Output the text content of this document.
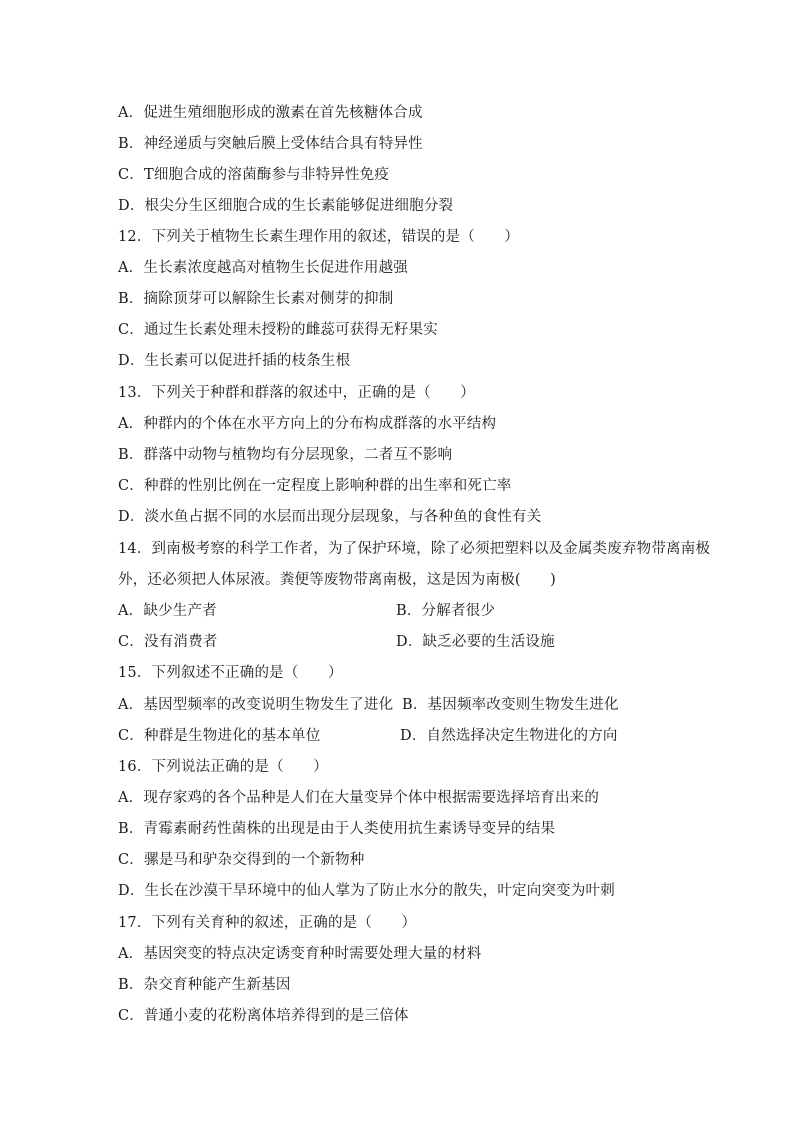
A．促进生殖细胞形成的激素在首先核糖体合成
B．神经递质与突触后膜上受体结合具有特异性
C．T细胞合成的溶菌酶参与非特异性免疫
D．根尖分生区细胞合成的生长素能够促进细胞分裂
12．下列关于植物生长素生理作用的叙述，错误的是（　　）
A．生长素浓度越高对植物生长促进作用越强
B．摘除顶芽可以解除生长素对侧芽的抑制
C．通过生长素处理未授粉的雌蕊可获得无籽果实
D．生长素可以促进扦插的枝条生根
13．下列关于种群和群落的叙述中，正确的是（　　）
A．种群内的个体在水平方向上的分布构成群落的水平结构
B．群落中动物与植物均有分层现象，二者互不影响
C．种群的性别比例在一定程度上影响种群的出生率和死亡率
D．淡水鱼占据不同的水层而出现分层现象，与各种鱼的食性有关
14．到南极考察的科学工作者，为了保护环境，除了必须把塑料以及金属类废弃物带离南极
外，还必须把人体尿液。粪便等废物带离南极，这是因为南极(　　)
A．缺少生产者	B．分解者很少
C．没有消费者	D．缺乏必要的生活设施
15．下列叙述不正确的是（　　）
A．基因型频率的改变说明生物发生了进化 B．基因频率改变则生物发生进化
C．种群是生物进化的基本单位	D．自然选择决定生物进化的方向
16．下列说法正确的是（　　）
A．现存家鸡的各个品种是人们在大量变异个体中根据需要选择培育出来的
B．青霉素耐药性菌株的出现是由于人类使用抗生素诱导变异的结果
C．骡是马和驴杂交得到的一个新物种
D．生长在沙漠干旱环境中的仙人掌为了防止水分的散失，叶定向突变为叶刺
17．下列有关育种的叙述，正确的是（　　）
A．基因突变的特点决定诱变育种时需要处理大量的材料
B．杂交育种能产生新基因
C．普通小麦的花粉离体培养得到的是三倍体
